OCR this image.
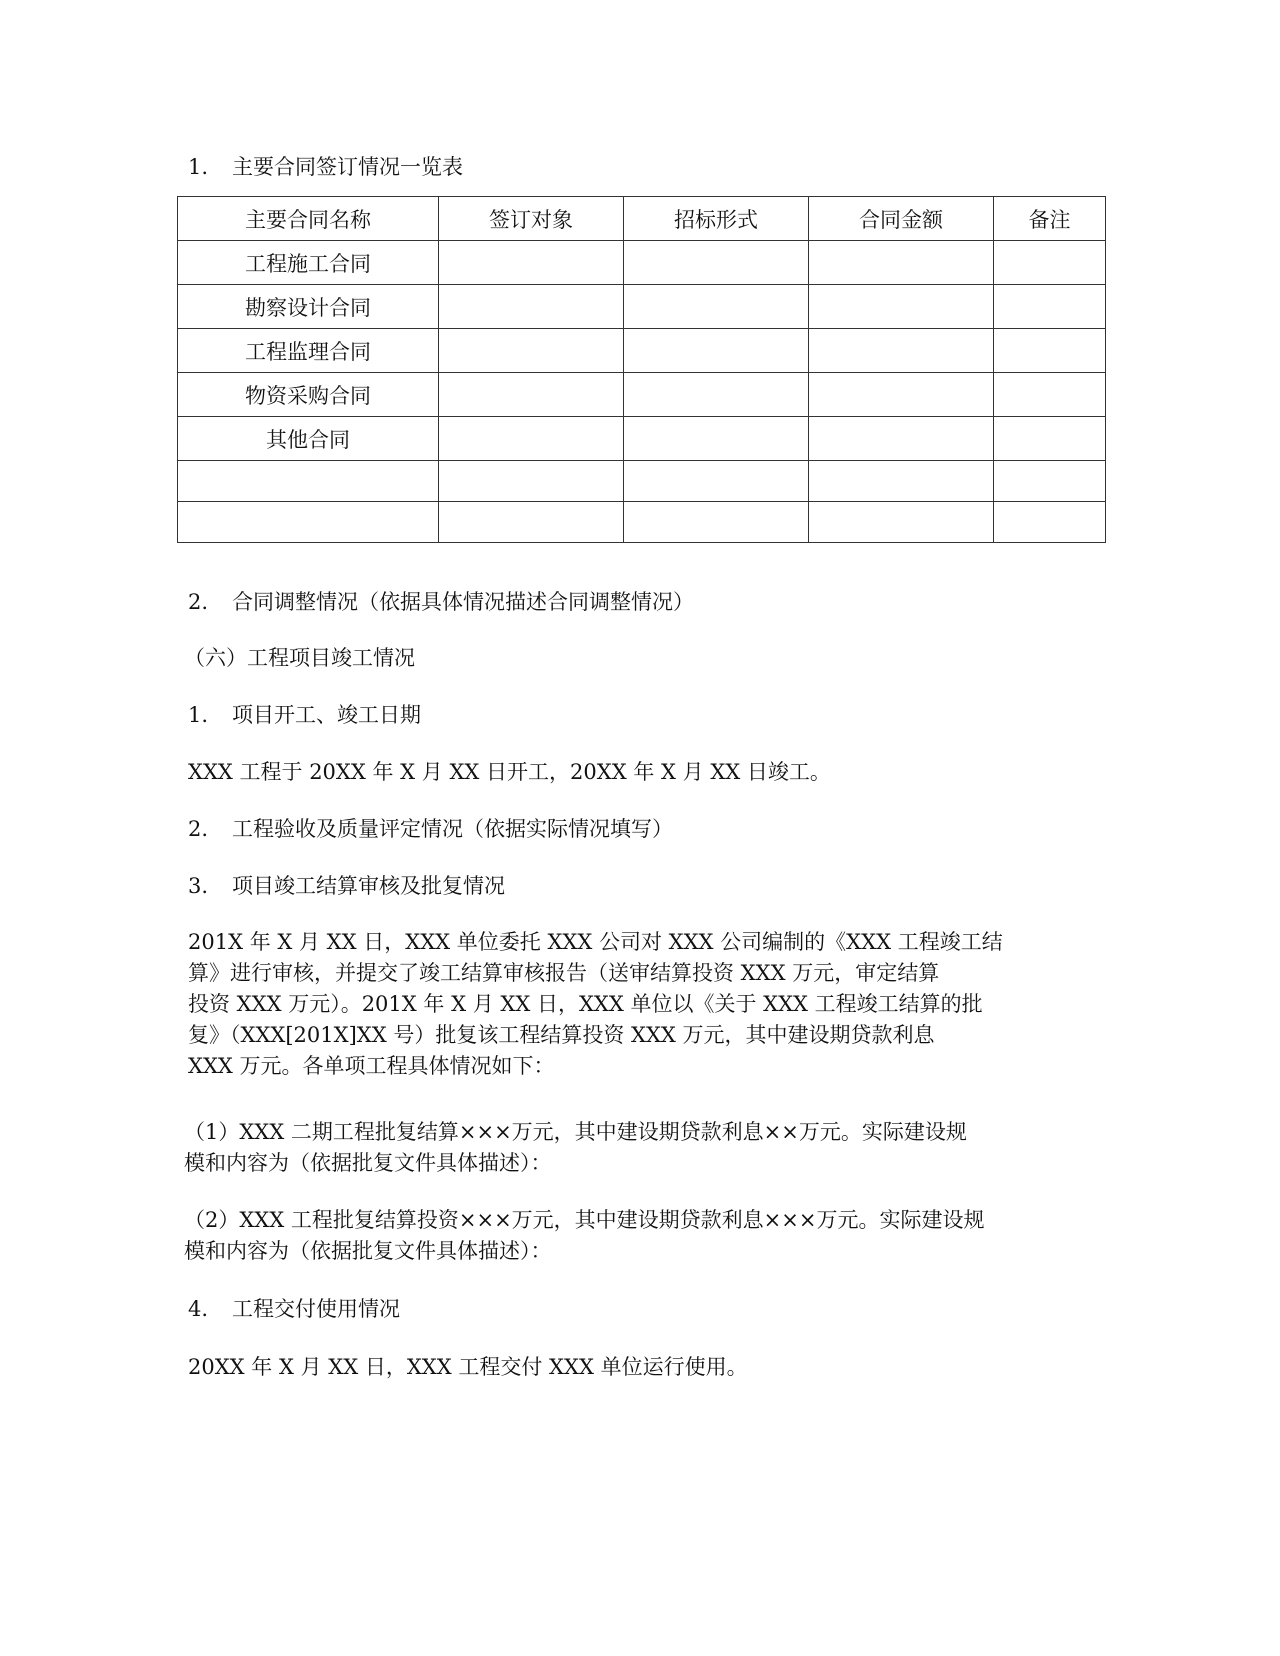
1. 主要合同签订情况一览表
主要合同名称	签订对象	招标形式	合同金额	备注
工程施工合同				
勘察设计合同				
工程监理合同				
物资采购合同				
其他合同				

2. 合同调整情况（依据具体情况描述合同调整情况）
（六）工程项目竣工情况
1. 项目开工、竣工日期
XXX 工程于 20XX 年 X 月 XX 日开工，20XX 年 X 月 XX 日竣工。
2. 工程验收及质量评定情况（依据实际情况填写）
3. 项目竣工结算审核及批复情况
201X 年 X 月 XX 日，XXX 单位委托 XXX 公司对 XXX 公司编制的《XXX 工程竣工结
算》进行审核，并提交了竣工结算审核报告（送审结算投资 XXX 万元，审定结算
投资 XXX 万元）。201X 年 X 月 XX 日，XXX 单位以《关于 XXX 工程竣工结算的批
复》（XXX[201X]XX 号）批复该工程结算投资 XXX 万元，其中建设期贷款利息
XXX 万元。各单项工程具体情况如下：
（1）XXX 二期工程批复结算×××万元，其中建设期贷款利息××万元。实际建设规
模和内容为（依据批复文件具体描述）：
（2）XXX 工程批复结算投资×××万元，其中建设期贷款利息×××万元。实际建设规
模和内容为（依据批复文件具体描述）：
4. 工程交付使用情况
20XX 年 X 月 XX 日，XXX 工程交付 XXX 单位运行使用。
